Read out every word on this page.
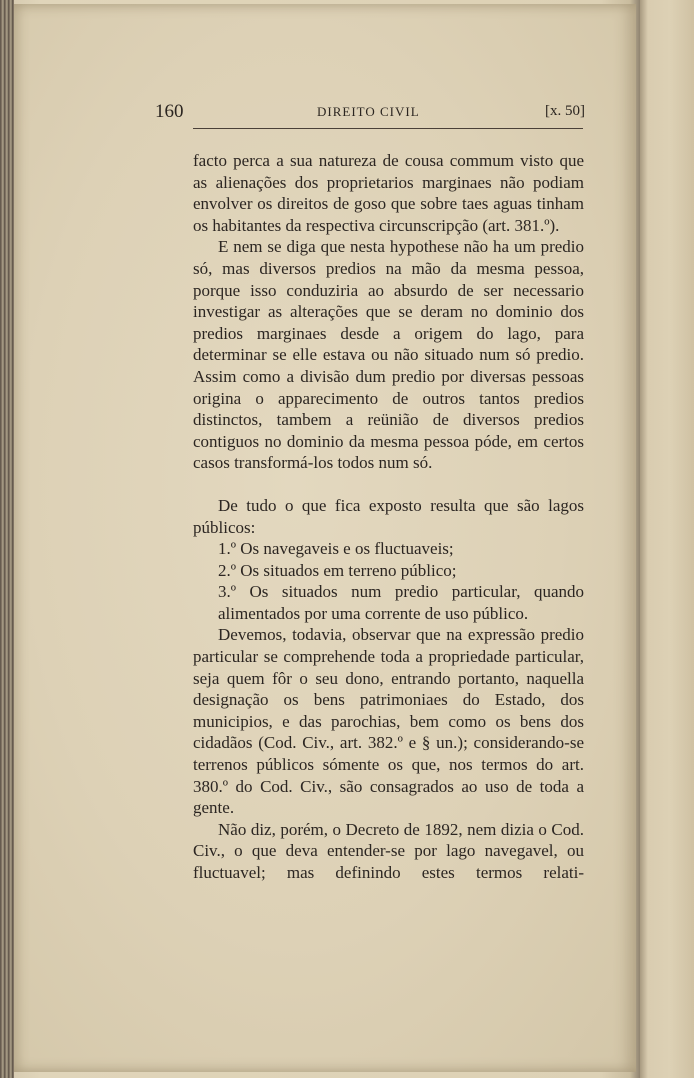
160	DIREITO CIVIL	[x. 50]

facto perca a sua natureza de cousa commum visto que as alienações dos proprietarios marginaes não podiam envolver os direitos de goso que sobre taes aguas tinham os habitantes da respectiva circunscripção (art. 381.º).

E nem se diga que nesta hypothese não ha um predio só, mas diversos predios na mão da mesma pessoa, porque isso conduziria ao absurdo de ser necessario investigar as alterações que se deram no dominio dos predios marginaes desde a origem do lago, para determinar se elle estava ou não situado num só predio. Assim como a divisão dum predio por diversas pessoas origina o apparecimento de outros tantos predios distinctos, tambem a reünião de diversos predios contiguos no dominio da mesma pessoa póde, em certos casos transformá-los todos num só.

De tudo o que fica exposto resulta que são lagos públicos:

1.º Os navegaveis e os fluctuaveis;

2.º Os situados em terreno público;

3.º Os situados num predio particular, quando alimentados por uma corrente de uso público.

Devemos, todavia, observar que na expressão predio particular se comprehende toda a propriedade particular, seja quem fôr o seu dono, entrando portanto, naquella designação os bens patrimoniaes do Estado, dos municipios, e das parochias, bem como os bens dos cidadãos (Cod. Civ., art. 382.º e § un.); considerando-se terrenos públicos sómente os que, nos termos do art. 380.º do Cod. Civ., são consagrados ao uso de toda a gente.

Não diz, porém, o Decreto de 1892, nem dizia o Cod. Civ., o que deva entender-se por lago navegavel, ou fluctuavel; mas definindo estes termos relati-
